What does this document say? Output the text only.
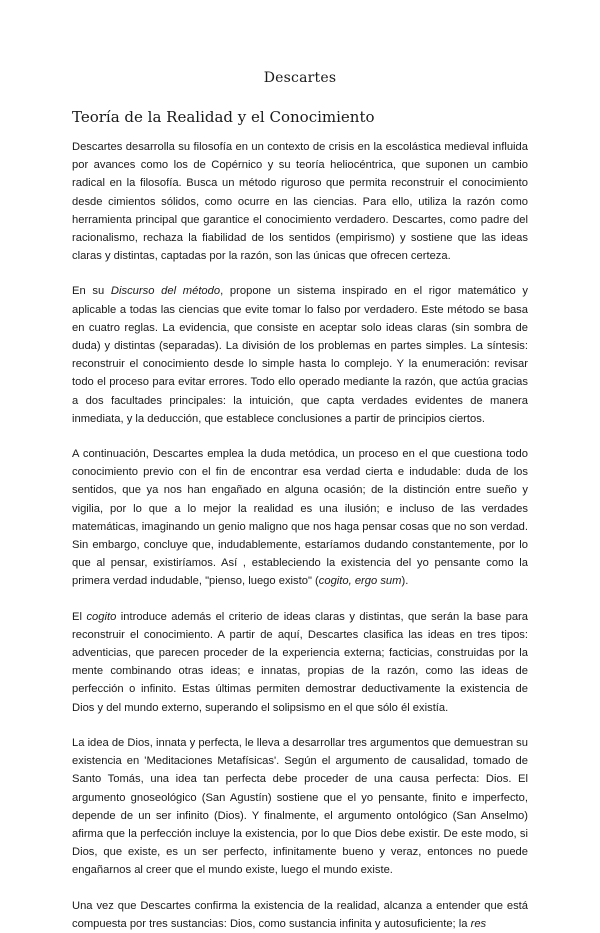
Descartes
Teoría de la Realidad y el Conocimiento

Descartes desarrolla su filosofía en un contexto de crisis en la escolástica medieval influida por avances como los de Copérnico y su teoría heliocéntrica, que suponen un cambio radical en la filosofía. Busca un método riguroso que permita reconstruir el conocimiento desde cimientos sólidos, como ocurre en las ciencias. Para ello, utiliza la razón como herramienta principal que garantice el conocimiento verdadero. Descartes, como padre del racionalismo, rechaza la fiabilidad de los sentidos (empirismo) y sostiene que las ideas claras y distintas, captadas por la razón, son las únicas que ofrecen certeza.

En su Discurso del método, propone un sistema inspirado en el rigor matemático y aplicable a todas las ciencias que evite tomar lo falso por verdadero. Este método se basa en cuatro reglas. La evidencia, que consiste en aceptar solo ideas claras (sin sombra de duda) y distintas (separadas). La división de los problemas en partes simples. La síntesis: reconstruir el conocimiento desde lo simple hasta lo complejo. Y la enumeración: revisar todo el proceso para evitar errores. Todo ello operado mediante la razón, que actúa gracias a dos facultades principales: la intuición, que capta verdades evidentes de manera inmediata, y la deducción, que establece conclusiones a partir de principios ciertos.

A continuación, Descartes emplea la duda metódica, un proceso en el que cuestiona todo conocimiento previo con el fin de encontrar esa verdad cierta e indudable: duda de los sentidos, que ya nos han engañado en alguna ocasión; de la distinción entre sueño y vigilia, por lo que a lo mejor la realidad es una ilusión; e incluso de las verdades matemáticas, imaginando un genio maligno que nos haga pensar cosas que no son verdad. Sin embargo, concluye que, indudablemente, estaríamos dudando constantemente, por lo que al pensar, existiríamos. Así , estableciendo la existencia del yo pensante como la primera verdad indudable, "pienso, luego existo" (cogito, ergo sum).

El cogito introduce además el criterio de ideas claras y distintas, que serán la base para reconstruir el conocimiento. A partir de aquí, Descartes clasifica las ideas en tres tipos: adventicias, que parecen proceder de la experiencia externa; facticias, construidas por la mente combinando otras ideas; e innatas, propias de la razón, como las ideas de perfección o infinito. Estas últimas permiten demostrar deductivamente la existencia de Dios y del mundo externo, superando el solipsismo en el que sólo él existía.

La idea de Dios, innata y perfecta, le lleva a desarrollar tres argumentos que demuestran su existencia en 'Meditaciones Metafísicas'. Según el argumento de causalidad, tomado de Santo Tomás, una idea tan perfecta debe proceder de una causa perfecta: Dios. El argumento gnoseológico (San Agustín) sostiene que el yo pensante, finito e imperfecto, depende de un ser infinito (Dios). Y finalmente, el argumento ontológico (San Anselmo) afirma que la perfección incluye la existencia, por lo que Dios debe existir. De este modo, si Dios, que existe, es un ser perfecto, infinitamente bueno y veraz, entonces no puede engañarnos al creer que el mundo existe, luego el mundo existe.

Una vez que Descartes confirma la existencia de la realidad, alcanza a entender que está compuesta por tres sustancias: Dios, como sustancia infinita y autosuficiente; la res
